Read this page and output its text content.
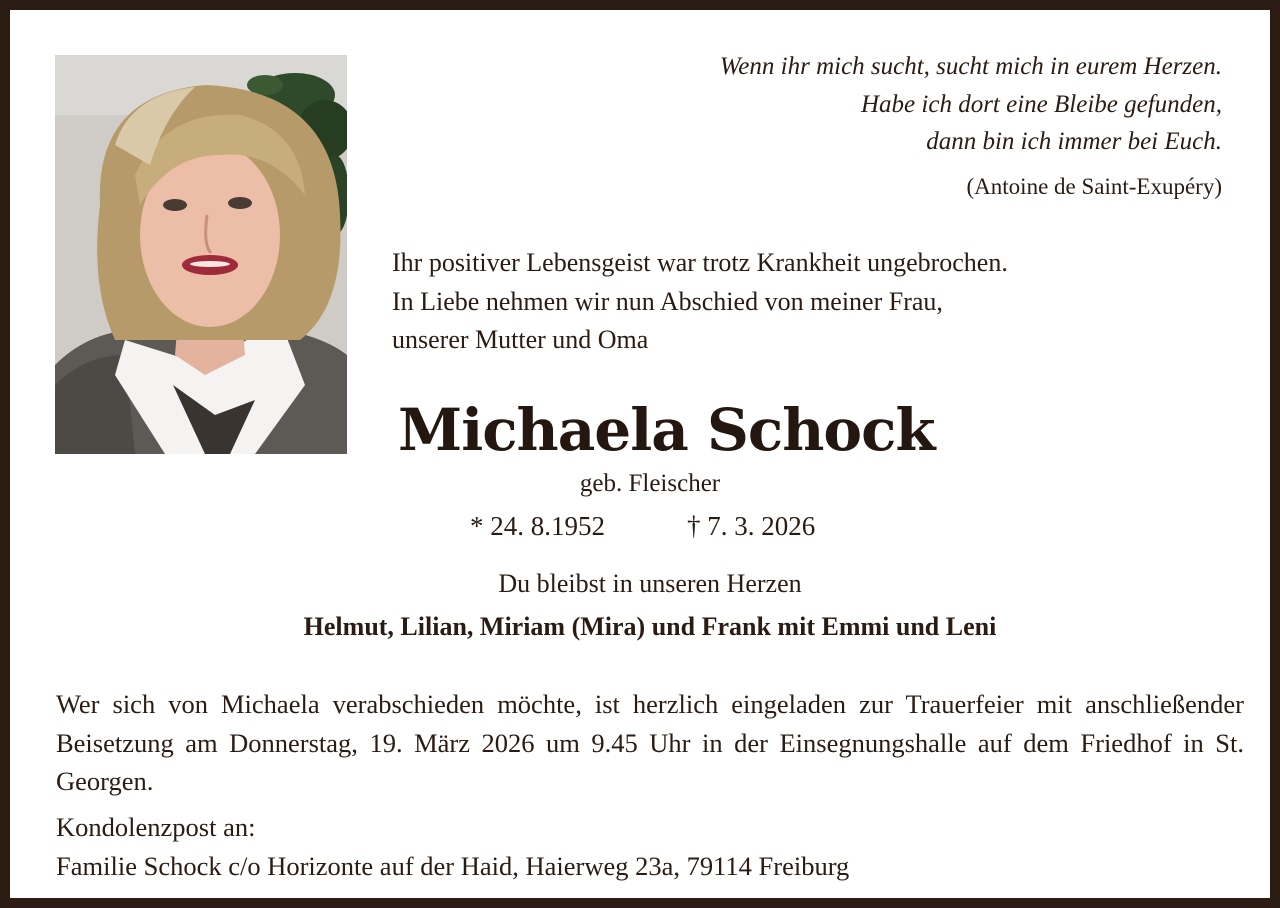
Wenn ihr mich sucht, sucht mich in eurem Herzen.
Habe ich dort eine Bleibe gefunden,
dann bin ich immer bei Euch.
(Antoine de Saint-Exupéry)
Ihr positiver Lebensgeist war trotz Krankheit ungebrochen.
In Liebe nehmen wir nun Abschied von meiner Frau,
unserer Mutter und Oma
Michaela Schock
geb. Fleischer
* 24. 8.1952	† 7. 3. 2026
Du bleibst in unseren Herzen
Helmut, Lilian, Miriam (Mira) und Frank mit Emmi und Leni
Wer sich von Michaela verabschieden möchte, ist herzlich eingeladen zur Trauerfeier mit anschließender Beisetzung am Donnerstag, 19. März 2026 um 9.45 Uhr in der Einsegnungshalle auf dem Friedhof in St. Georgen.
Kondolenzpost an:
Familie Schock c/o Horizonte auf der Haid, Haierweg 23a, 79114 Freiburg
